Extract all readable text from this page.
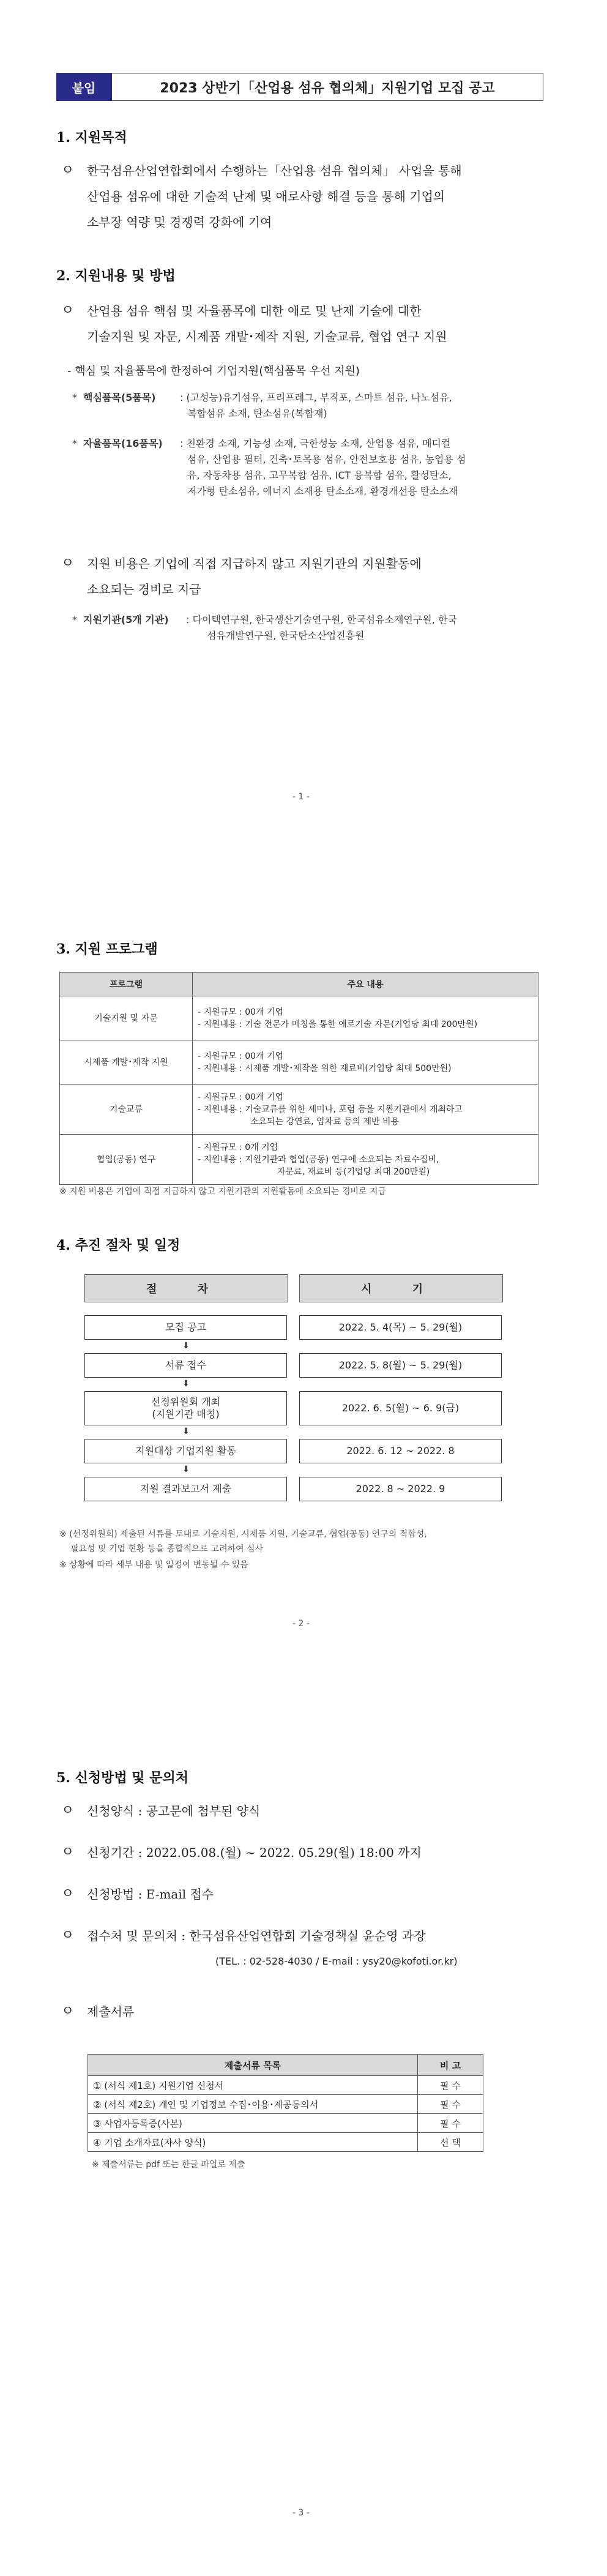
붙임	2023 상반기「산업용 섬유 협의체」지원기업 모집 공고
1. 지원목적
ㅇ 한국섬유산업연합회에서 수행하는「산업용 섬유 협의체」 사업을 통해
산업용 섬유에 대한 기술적 난제 및 애로사항 해결 등을 통해 기업의
소부장 역량 및 경쟁력 강화에 기여
2. 지원내용 및 방법
ㅇ 산업용 섬유 핵심 및 자율품목에 대한 애로 및 난제 기술에 대한
기술지원 및 자문, 시제품 개발･제작 지원, 기술교류, 협업 연구 지원
- 핵심 및 자율품목에 한정하여 기업지원(핵심품목 우선 지원)
* 핵심품목(5품목) : (고성능)유기섬유, 프리프레그, 부직포, 스마트 섬유, 나노섬유,
복합섬유 소재, 탄소섬유(복합재)
* 자율품목(16품목) : 친환경 소재, 기능성 소재, 극한성능 소재, 산업용 섬유, 메디컬
섬유, 산업용 필터, 건축･토목용 섬유, 안전보호용 섬유, 농업용 섬
유, 자동차용 섬유, 고무복합 섬유, ICT 융복합 섬유, 활성탄소,
저가형 탄소섬유, 에너지 소재용 탄소소재, 환경개선용 탄소소재
ㅇ 지원 비용은 기업에 직접 지급하지 않고 지원기관의 지원활동에
소요되는 경비로 지급
* 지원기관(5개 기관) : 다이텍연구원, 한국생산기술연구원, 한국섬유소재연구원, 한국
섬유개발연구원, 한국탄소산업진흥원
- 1 -
3. 지원 프로그램
프로그램	주요 내용
기술지원 및 자문	- 지원규모 : 00개 기업
- 지원내용 : 기술 전문가 매칭을 통한 애로기술 자문(기업당 최대 200만원)

시제품 개발･제작 지원	- 지원규모 : 00개 기업
- 지원내용 : 시제품 개발･제작을 위한 재료비(기업당 최대 500만원)

기술교류	- 지원규모 : 00개 기업
- 지원내용 : 기술교류를 위한 세미나, 포럼 등을 지원기관에서 개최하고
소요되는 강연료, 임차료 등의 제반 비용

협업(공동) 연구	- 지원규모 : 0개 기업
- 지원내용 : 지원기관과 협업(공동) 연구에 소요되는 자료수집비,
자문료, 재료비 등(기업당 최대 200만원)
※ 지원 비용은 기업에 직접 지급하지 않고 지원기관의 지원활동에 소요되는 경비로 지급
4. 추진 절차 및 일정
절 차	시 기
모집 공고	2022. 5. 4(목) ~ 5. 29(월)
⬇
서류 접수	2022. 5. 8(월) ~ 5. 29(월)
⬇
선정위원회 개최
(지원기관 매칭)
2022. 6. 5(월) ~ 6. 9(금)
⬇
지원대상 기업지원 활동	2022. 6. 12 ~ 2022. 8
⬇
지원 결과보고서 제출	2022. 8 ~ 2022. 9
※ (선정위원회) 제출된 서류를 토대로 기술지원, 시제품 지원, 기술교류, 협업(공동) 연구의 적합성,
필요성 및 기업 현황 등을 종합적으로 고려하여 심사
※ 상황에 따라 세부 내용 및 일정이 변동될 수 있음
- 2 -
5. 신청방법 및 문의처
ㅇ 신청양식 : 공고문에 첨부된 양식
ㅇ 신청기간 : 2022.05.08.(월) ~ 2022. 05.29(월) 18:00 까지
ㅇ 신청방법 : E-mail 접수
ㅇ 접수처 및 문의처 : 한국섬유산업연합회 기술정책실 윤순영 과장
(TEL. : 02-528-4030 / E-mail : ysy20@kofoti.or.kr)
ㅇ 제출서류
제출서류 목록	비 고
① (서식 제1호) 지원기업 신청서	필 수
② (서식 제2호) 개인 및 기업정보 수집･이용･제공동의서	필 수
③ 사업자등록증(사본)	필 수
④ 기업 소개자료(자사 양식)	선 택
※ 제출서류는 pdf 또는 한글 파일로 제출
- 3 -
